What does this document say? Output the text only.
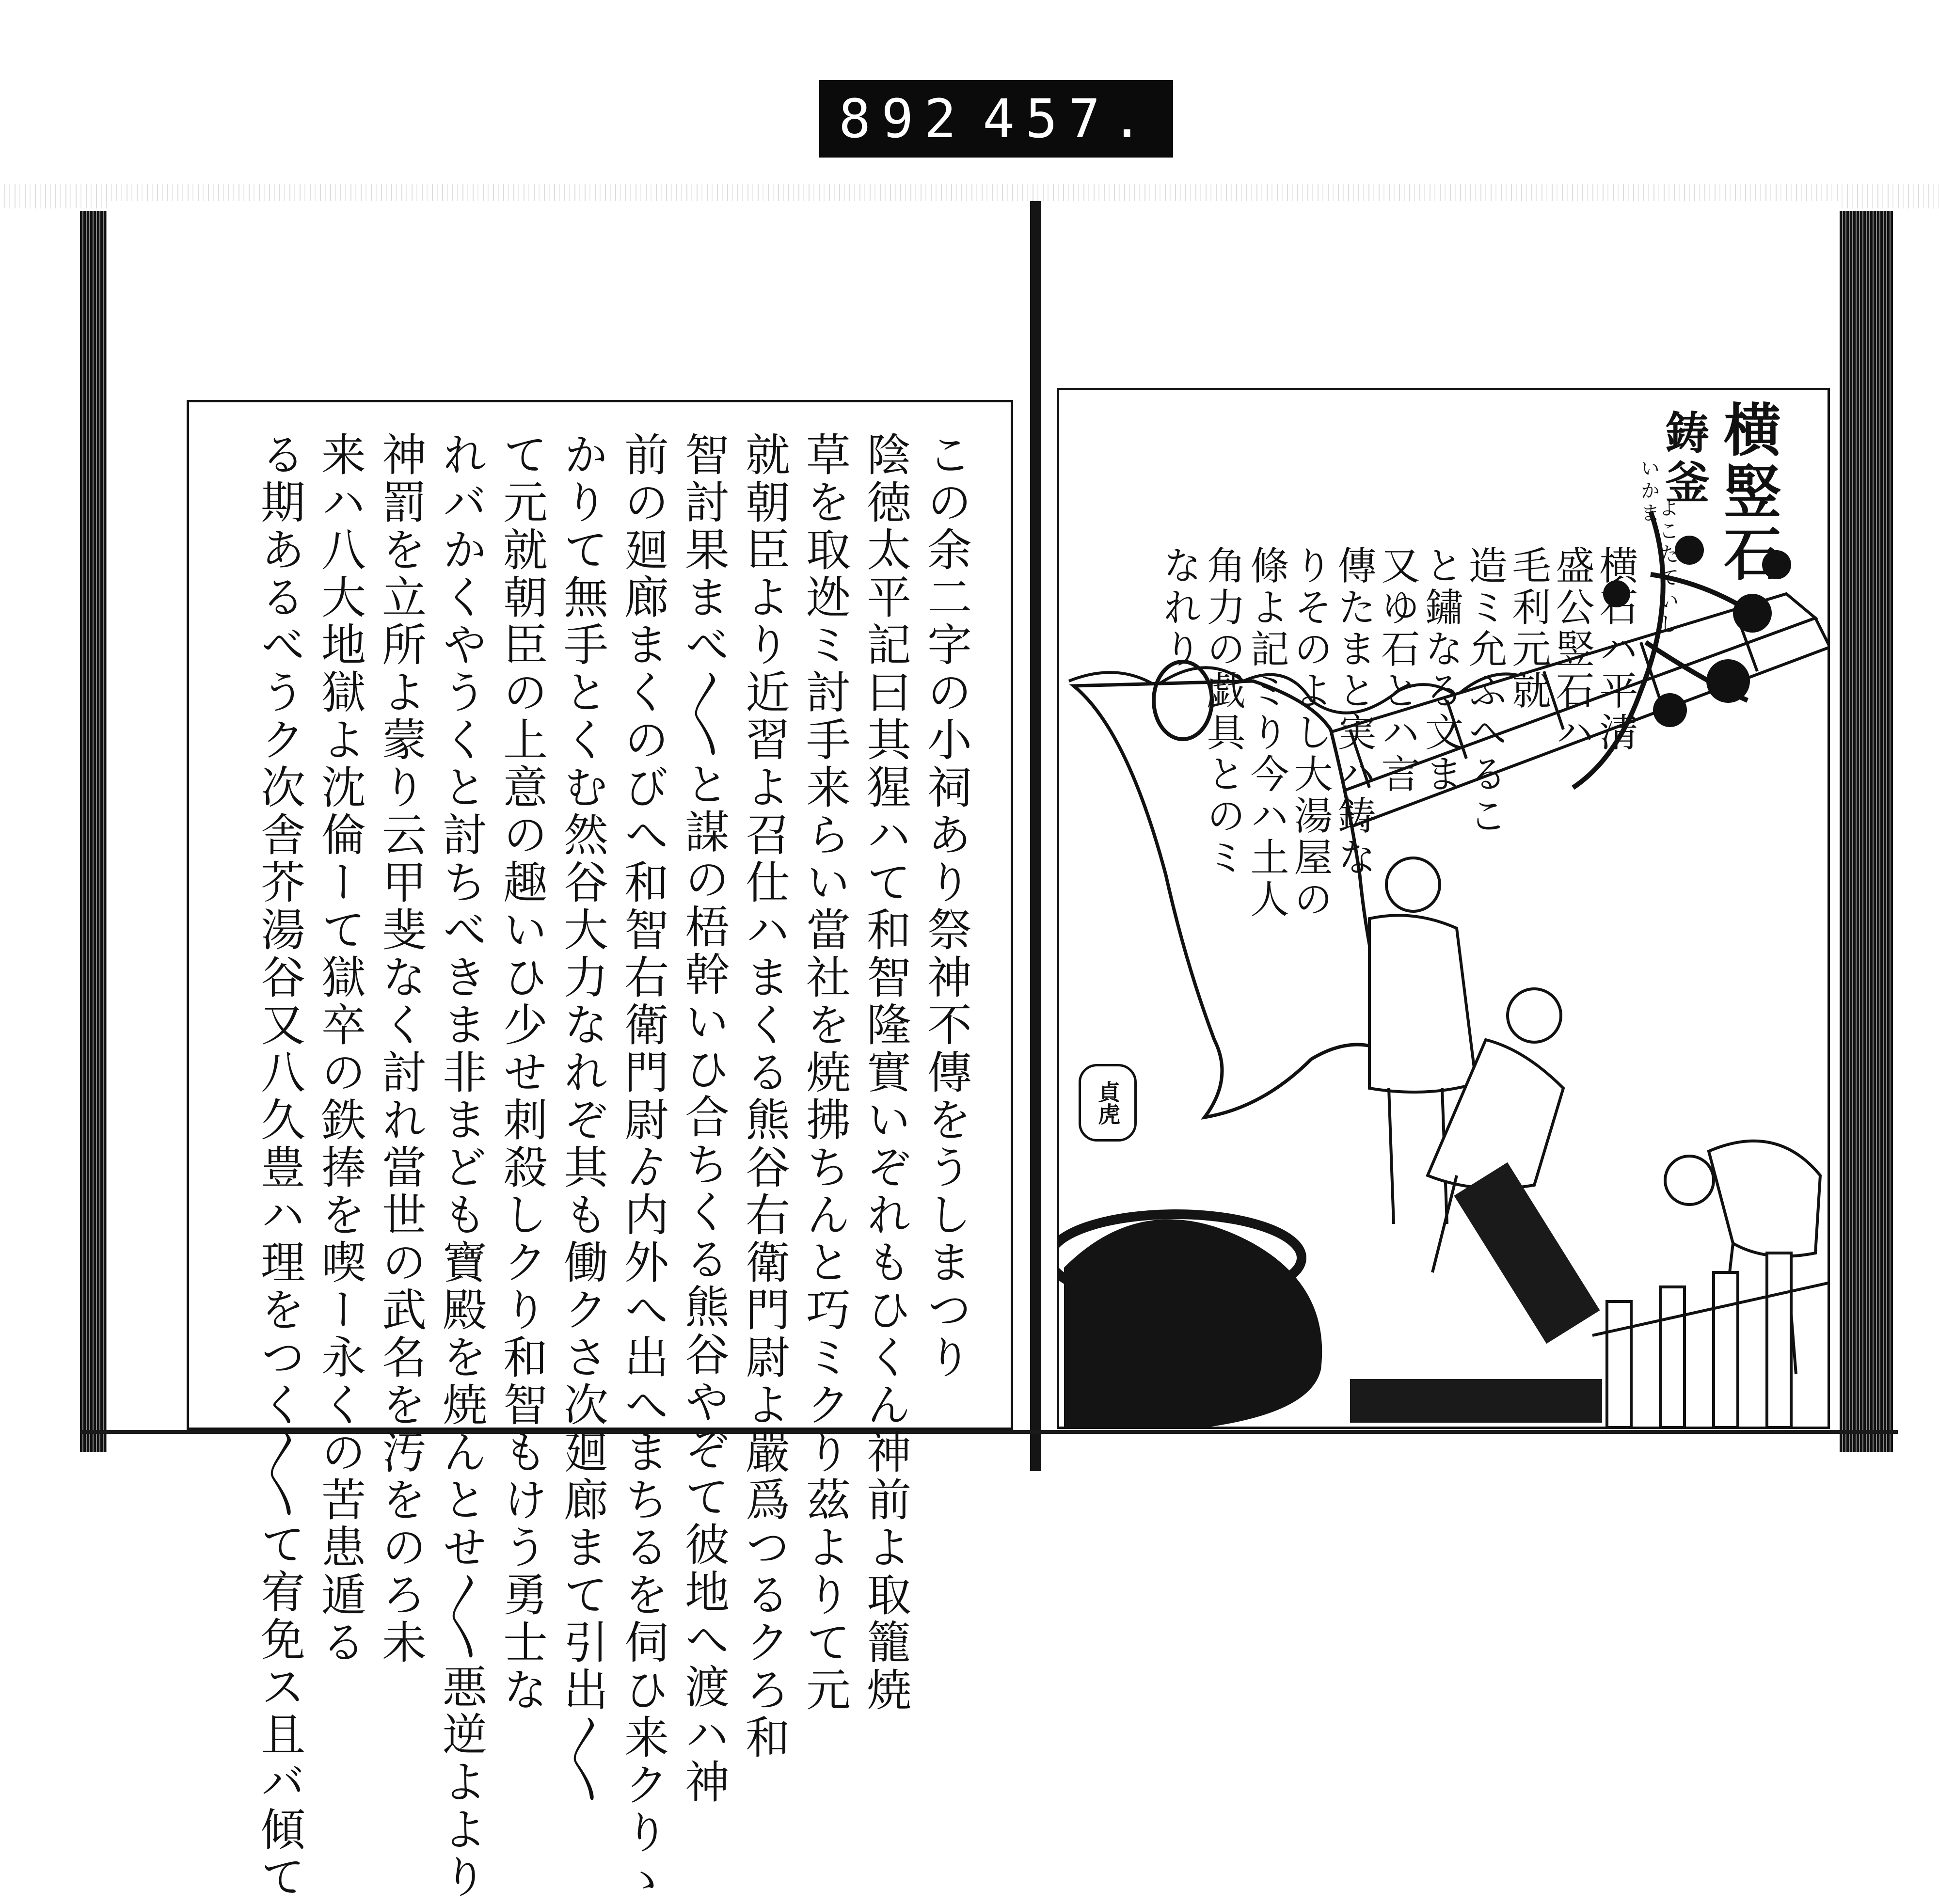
892 457.
この余二字の小祠あり祭神不傳をうしまつり
陰徳太平記曰其猩ハて和智隆實いぞれもひくん神前よ取籠焼
草を取迯ミ討手来らい當社を焼拂ちんと巧ミクり茲よりて元
就朝臣より近習よ召仕ハまくる熊谷右衛門尉よ嚴爲つるクろ和
智討果まべ〳〵と謀の梧幹いひ合ちくる熊谷やぞて彼地へ渡ハ神
前の廻廊まくのびへ和智右衛門尉ゟ内外へ出へまちるを伺ひ来クりゝ
かりて無手とくむ然谷大力なれぞ其も働クさ次廻廊まて引出〳〵
て元就朝臣の上意の趣いひ少せ刺殺しクり和智もけう勇士な
れバかくやうくと討ちべきま非まども寶殿を焼んとせ〳〵悪逆よより
神罰を立所よ蒙り云甲斐なく討れ當世の武名を汚をのろ未
来ハ八大地獄よ沈倫ーて獄卒の鉄捧を喫ー永くの苦患遁る
る期あるべうク次舎芥湯谷又八久豊ハ理をつく〳〵て宥免ス且バ傾て	鋳釜 横竪石
よこたていし
いかま
横石ハ平清
盛公竪石ハ
毛利元就
造ミ允ふへるこ
と鏽なる文ま
又ゆ石とハ言
傳たまと実ハ鋳な
りそのよし大湯屋の
條よ記ミり今ハ土人
角力の戯具とのミ
なれり
貞虎
